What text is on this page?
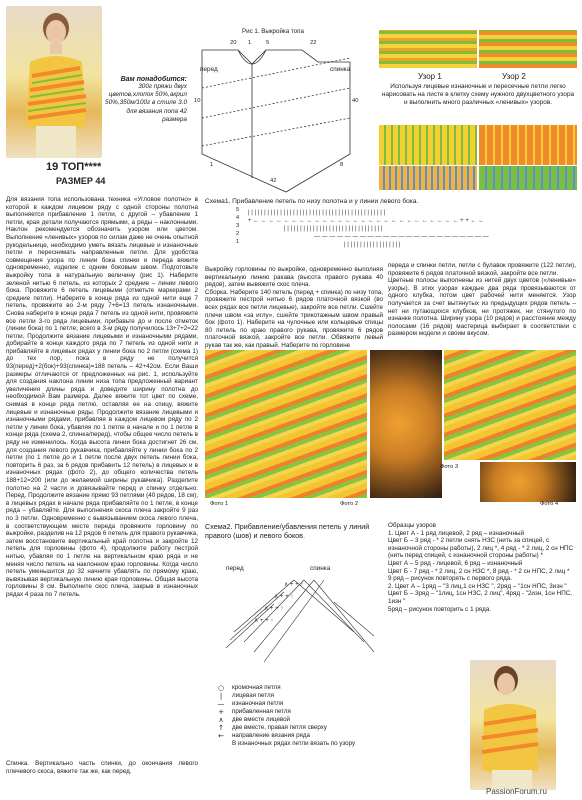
Вам понадобится:
300г пряжи двух цветов,хлопок 50%,акрил 50%,350м/100г в стиле 3.0 для вязания попа 42 размера
19 ТОП****
РАЗМЕР 44
Рис 1. Выкройка топа
перед	спинка
20 1	5	22
10	40
1
42
8
Узор 1	Узор 2
Используя лицевые изнаночные и пересечные петли легко нарисовать на листе в клетку схему нужного двухцветного узора и выполнить много различных «ленивых» узоров.
Для вязания топа использована техника «Угловое полотно» в которой в каждом лицевом ряду с одной стороны полотна выполняется прибавление 1 петли, с другой – убавление 1 петли, края детали получаются прямыми, а ряды – наклонными. Наклон рекомендуется обозначить узором или цветом. Выполнение «ленивых» узоров по силам даже не очень опытной рукодельнице, необходимо уметь вязать лицевые и изнаночные петли и переснимать направленные петли. Для удобства совмещения узора по линии бока спинки и переда вяжите одновременно, изделие с одним боковым швом. Подготовьте выкройку топа в натуральную величину (рис 1). Наберите зеленой нитью 6 петель, из которых 2 средние – линии левого бока. Провяжите 6 петель лицевыми (отметьте маркерами 2 средние петли). Наберите в конце ряда из одной нити еще 7 петель, провяжите во 2-м ряду 7+6=13 петель изнаночными. Снова наберите в конце ряда 7 петель из одной нити, провяжите все петли 3-го ряда лицевыми, прибавьте до и после отметок (линии бока) по 1 петле, всего в 3-м ряду получилось 13+7+2=22 петли. Продолжите вязание лицевыми и изнаночными рядами, добирайте в конце каждого ряда по 7 петель из одной нити и прибавляйте в лицевых рядах у линии бока по 2 петли (схема 1) до тех пор, пока в ряду не получится 93(перед)+2(бок)+93(спинка)=188 петель – 42+42см. Если Ваши размеры отличаются от предложенных на рис. 1, используйте для создания наклона линии низа топа предложенный вариант увеличения длины ряда и доведите ширину полотна до необходимой Вам размера. Далее вяжите тот цвет по схеме, снимая в конце ряда петлю, оставляя ее на спицу, вяжите лицевые и изнаночные ряды. Продолжите вязание лицевыми и изнаночными рядами, прибавляя в каждом лицевом ряду по 2 петли у линии бока, убавляя по 1 петле в начале и по 1 петле в конце ряда (схема 2, спинка/перед), чтобы общее число петель в ряду не изменилось. Когда высота линии бока достигнет 26 см, для создания левого рукавчика, прибавляйте у линии бока по 2 петли (по 1 петле до и 1 петле после двух петель линии бока, повторить 6 раз, за 6 рядов прибавить 12 петель) в лицевых и в изнаночных рядах (фото 2), до общего количества петель 188+12=200 (или до желаемой ширины рукавчика). Разделите полотно на 2 части и довязывайте перед и спинку отдельно. Перед. Продолжите вязание прямо 93 петлями (40 рядов, 18 см), в лицевых рядах в начале ряда прибавляйте по 1 петле, в конце ряда – убавляйте. Для выполнения скоса плеча закройте 9 раз по 3 петли. Одновременно с вывязыванием скоса левого плеча, в соответствующем месте переда провяжите горловину по выкройке, разделив на 12 рядов 6 петель для правого рукавчика, затем восстановите вертикальный край полотна и закройте 12 петель для горловины (фото 4), продолжите работу пестрой нитью, убавляя по 1 петле на вертикальном краю ряда и не меняя число петель на наклонном краю горловины. Когда число петель уменьшится до 32 начните убавлять по прямому краю, вывязывая вертикальную линию края горловины. Общая высота горловины 8 см. Выполните скос плеча, закрыв в изнаночных рядах 4 раза по 7 петель.
Спинка. Вертикально часть спинки, до окончания левого плечевого скоса, вяжите так же, как перед.
Схема1. Прибавление петель по низу полотна и у линии левого бока.
| | | | | | | | | | | | | | | | | | | | | | | | | | | | | | | | | | | | | | | | | | |
+ ← ← ← ← ← ← ← ← ← ← ← ← ← ← ← ← ← ← ← ← ← ← ← ← ← ← ← + + ← ←
| | | | | | | | | | | | | | | | | | | | | | | | | | | | | | |
— — — — — — — — — — — — — — — — — — — — — — —
| | | | | | | | | | | | | | | | | |
5
4
3
2
1
Выкройку горловины по выкройке, одновременно выполняя вертикальную линию ракава (высота правого рукава 40 рядов), затем вывяжите скос плеча.
Сборка. Наберите 140 петель (перед + спинка) по низу топа, провяжите пестрой нитью 6 рядов платочной вязкой (во всех рядах все петли лицевые), закройте все петли. Сшейте плечи швом «за иглу», сшейте трикотажным швом правый бок (фото 1). Наберите на чулочные или кольцевые спицы 80 петель по краю правого рукава, провяжите 6 рядов платочной вязкой, закройте все петли. Обвяжите левый рукав так же, как правый. Наберите по горловине
переда и спинки петли, петли с булавок провяжите (122 петли), провяжите 6 рядов платочной вязкой, закройте все петли.
Цветные полосы выполнены из нитей двух цветов («ленивые» узоры). В этих узорах каждые два ряда провязываются от одного клубка, потом цвет рабочей нити меняется. Узор получается за счет вытянутых из предыдущих рядов петель – нет ни путающихся клубков, ни протяжек, ни стянутого по изнанке полотна. Ширину узора (10 рядов) и расстояние между полосами (16 рядов) мастерица выбирает в соответствии с размером модели и своим вкусом.
Фото 1	Фото 2
Фото 3
Фото 4
Схема2. Прибавление/убавления петель у линий правого (шов) и левого боков.
перед	спинка
∧ + + ↑
∧ + + ↑
∧ + + ↑
∧ + + ↑
○	кромочная петля
|	лицевая петля
—	изнаночная петля
+	прибавленная петля
∧	две вместе лицевой
↑	две вместе, правая петля сверху
←	направление вязания ряда
В изнаночных рядах петли вязать по узору
Образцы узоров
1. Цвет А - 1 ряд лицевой, 2 ряд – изнаночный
Цвет Б – 3 ряд - * 2 петли снять НЗС (нить за спицей, с изнаночной стороны работы), 2 лиц *, 4 ряд - * 2 лиц, 2 сн НПС (нить перед спицей, с изнаночной стороны работы) *
Цвет А – 5 ряд - лицевой, 6 ряд – изнаночный
Цвет Б - 7 ряд - * 2 лиц, 2 сн НЗС *, 8 ряд - * 2 сн НПС, 2 лиц *
9 ряд – рисунок повторять с первого ряда.
2. Цвет А – 1ряд – "3 лиц,1 сн НЗС ", 2ряд – "1сн НПС, 3изн "
Цвет Б – 3ряд – "1лиц, 1сн НЗС, 2 лиц", 4ряд - "2изн, 1сн НПС, 1изн "
5ряд – рисунок повторить с 1 ряда.
PassionForum.ru
